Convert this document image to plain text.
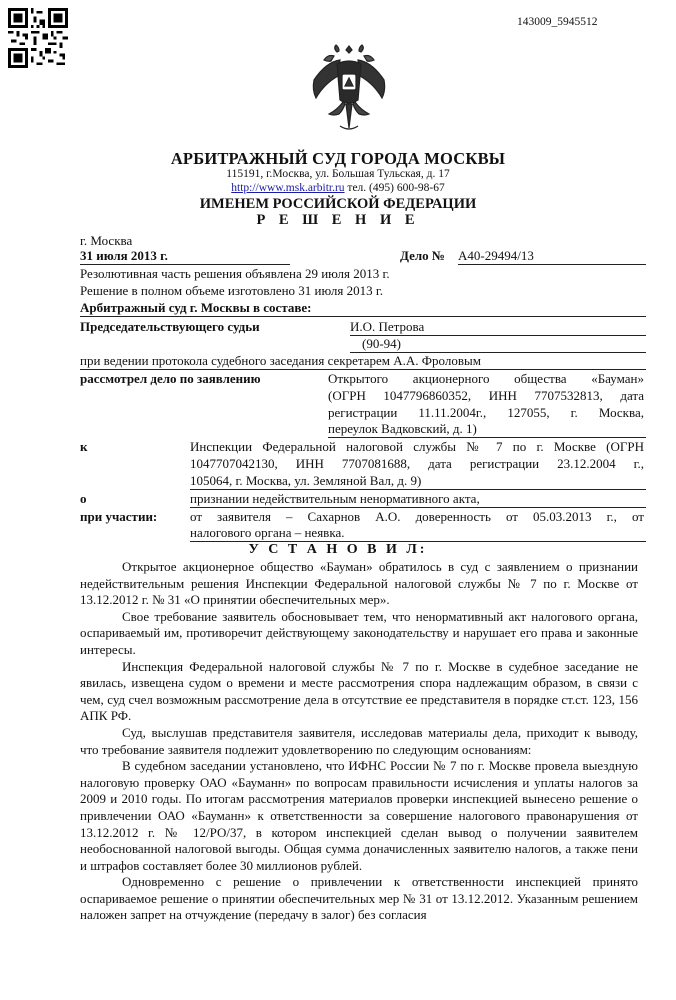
143009_5945512
АРБИТРАЖНЫЙ СУД ГОРОДА МОСКВЫ
115191, г.Москва, ул. Большая Тульская, д. 17
http://www.msk.arbitr.ru тел. (495) 600-98-67
ИМЕНЕМ РОССИЙСКОЙ ФЕДЕРАЦИИ
Р Е Ш Е Н И Е
г. Москва
31 июля 2013 г.	Дело № А40-29494/13
Резолютивная часть решения объявлена 29 июля 2013 г.
Решение в полном объеме изготовлено 31 июля 2013 г.
Арбитражный суд г. Москвы в составе:
Председательствующего судьи	И.О. Петрова
(90-94)
при ведении протокола судебного заседания секретарем А.А. Фроловым
рассмотрел дело по заявлению	Открытого акционерного общества «Бауман»
(ОГРН 1047796860352, ИНН 7707532813, дата
регистрации 11.11.2004г., 127055, г. Москва,
переулок Вадковский, д. 1)
к	Инспекции Федеральной налоговой службы № 7 по г. Москве (ОГРН
1047707042130, ИНН 7707081688, дата регистрации 23.12.2004 г.,
105064, г. Москва, ул. Земляной Вал, д. 9)
о	признании недействительным ненормативного акта,
при участии:	от заявителя – Сахарнов А.О. доверенность от 05.03.2013 г., от
налогового органа – неявка.
У С Т А Н О В И Л:

Открытое акционерное общество «Бауман» обратилось в суд с заявлением о признании недействительным решения Инспекции Федеральной налоговой службы № 7 по г. Москве от 13.12.2012 г. № 31 «О принятии обеспечительных мер».

Свое требование заявитель обосновывает тем, что ненормативный акт налогового органа, оспариваемый им, противоречит действующему законодательству и нарушает его права и законные интересы.

Инспекция Федеральной налоговой службы № 7 по г. Москве в судебное заседание не явилась, извещена судом о времени и месте рассмотрения спора надлежащим образом, в связи с чем, суд счел возможным рассмотрение дела в отсутствие ее представителя в порядке ст.ст. 123, 156 АПК РФ.

Суд, выслушав представителя заявителя, исследовав материалы дела, приходит к выводу, что требование заявителя подлежит удовлетворению по следующим основаниям:

В судебном заседании установлено, что ИФНС России № 7 по г. Москве провела выездную налоговую проверку ОАО «Бауманн» по вопросам правильности исчисления и уплаты налогов за 2009 и 2010 годы. По итогам рассмотрения материалов проверки инспекцией вынесено решение о привлечении ОАО «Бауманн» к ответственности за совершение налогового правонарушения от 13.12.2012 г. № 12/РО/37, в котором инспекцией сделан вывод о получении заявителем необоснованной налоговой выгоды. Общая сумма доначисленных заявителю налогов, а также пени и штрафов составляет более 30 миллионов рублей.

Одновременно с решение о привлечении к ответственности инспекцией принято оспариваемое решение о принятии обеспечительных мер № 31 от 13.12.2012. Указанным решением наложен запрет на отчуждение (передачу в залог) без согласия
